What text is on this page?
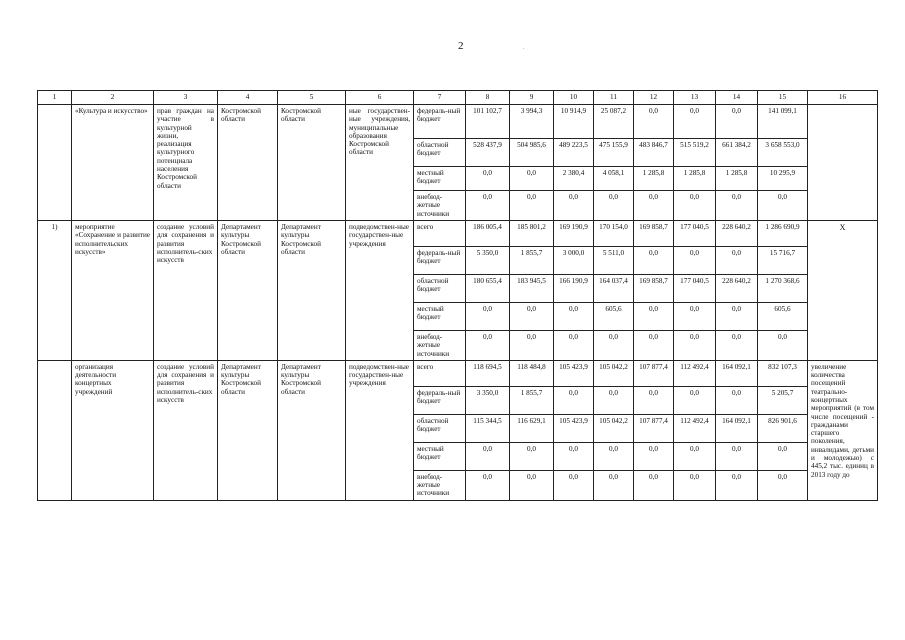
2	.
1	2	3	4	5	6	7	8	9	10	11	12	13	14	15	16
	«Культура и искусство»	прав граждан на участие в культурной жизни, реализация культурного потенциала населения Костромской области	Костромской области	Костромской области	ные государствен-ные учреждения, муниципальные образования Костромской области	федераль-ный бюджет	101 102,7	3 994,3	10 914,9	25 087,2	0,0	0,0	0,0	141 099,1	
						областной бюджет	528 437,9	504 985,6	489 223,5	475 155,9	483 846,7	515 519,2	661 384,2	3 658 553,0	
						местный бюджет	0,0	0,0	2 380,4	4 058,1	1 285,8	1 285,8	1 285,8	10 295,9	
						внебюд-жетные источники	0,0	0,0	0,0	0,0	0,0	0,0	0,0	0,0	
1)	мероприятие «Сохранение и развитие исполнительских искусств»	создание условий для сохранения и развития исполнитель-ских искусств	Департамент культуры Костромской области	Департамент культуры Костромской области	подведомствен-ные государствен-ные учреждения	всего	186 005,4	185 801,2	169 190,9	170 154,0	169 858,7	177 040,5	228 640,2	1 286 690,9	Х
						федераль-ный бюджет	5 350,0	1 855,7	3 000,0	5 511,0	0,0	0,0	0,0	15 716,7	
						областной бюджет	180 655,4	183 945,5	166 190,9	164 037,4	169 858,7	177 040,5	228 640,2	1 270 368,6	
						местный бюджет	0,0	0,0	0,0	605,6	0,0	0,0	0,0	605,6	
						внебюд-жетные источники	0,0	0,0	0,0	0,0	0,0	0,0	0,0	0,0	
	организация деятельности концертных учреждений	создание условий для сохранения и развития исполнитель-ских искусств	Департамент культуры Костромской области	Департамент культуры Костромской области	подведомствен-ные государствен-ные учреждения	всего	118 694,5	118 484,8	105 423,9	105 042,2	107 877,4	112 492,4	164 092,1	832 107,3	увеличение количества посещений театрально-концертных мероприятий (в том числе посещений - гражданами старшего поколения, инвалидами, детьми и молодежью) с 445,2 тыс. единиц в 2013 году до
						федераль-ный бюджет	3 350,0	1 855,7	0,0	0,0	0,0	0,0	0,0	5 205,7	
						областной бюджет	115 344,5	116 629,1	105 423,9	105 042,2	107 877,4	112 492,4	164 092,1	826 901,6	
						местный бюджет	0,0	0,0	0,0	0,0	0,0	0,0	0,0	0,0	
						внебюд-жетные источники	0,0	0,0	0,0	0,0	0,0	0,0	0,0	0,0	
